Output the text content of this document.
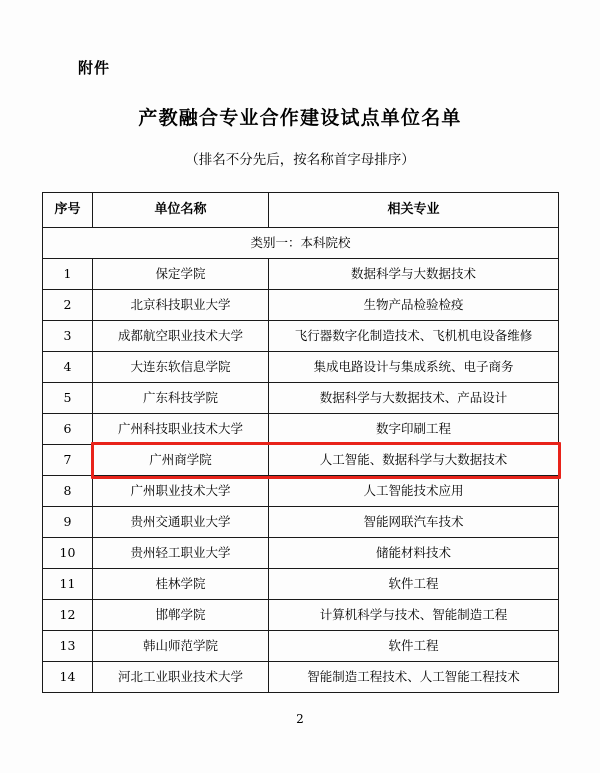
附件
产教融合专业合作建设试点单位名单
（排名不分先后，按名称首字母排序）
序号	单位名称	相关专业
类别一：本科院校		
1	保定学院	数据科学与大数据技术
2	北京科技职业大学	生物产品检验检疫
3	成都航空职业技术大学	飞行器数字化制造技术、飞机机电设备维修
4	大连东软信息学院	集成电路设计与集成系统、电子商务
5	广东科技学院	数据科学与大数据技术、产品设计
6	广州科技职业技术大学	数字印刷工程
7	广州商学院	人工智能、数据科学与大数据技术
8	广州职业技术大学	人工智能技术应用
9	贵州交通职业大学	智能网联汽车技术
10	贵州轻工职业大学	储能材料技术
11	桂林学院	软件工程
12	邯郸学院	计算机科学与技术、智能制造工程
13	韩山师范学院	软件工程
14	河北工业职业技术大学	智能制造工程技术、人工智能工程技术
2
